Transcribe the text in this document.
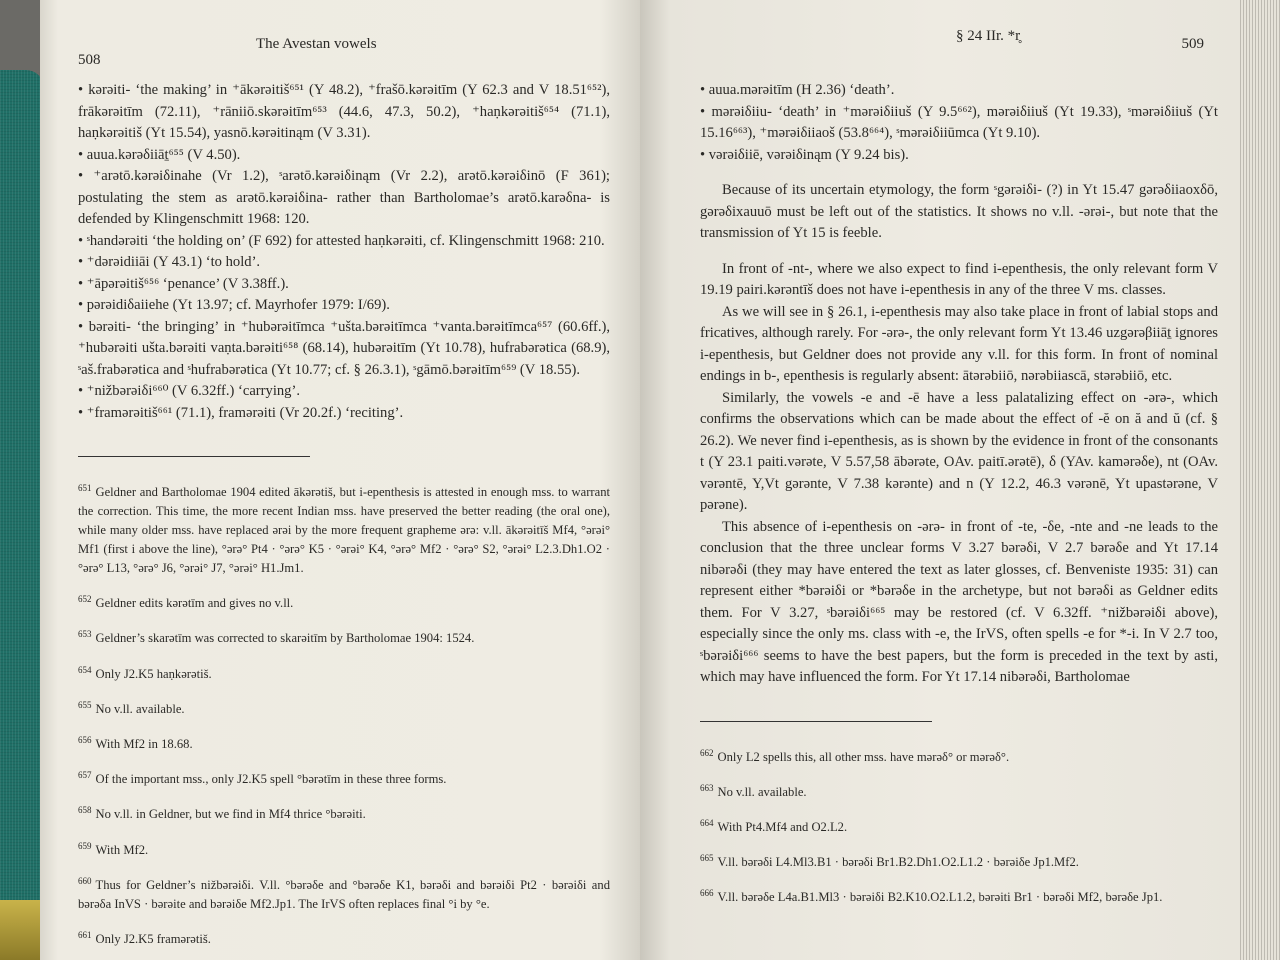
508
The Avestan vowels

• kərəiti- ‘the making’ in ⁺ākərəitiš⁶⁵¹ (Y 48.2), ⁺frašō.kərəitīm (Y 62.3 and V 18.51⁶⁵²), frākərəitīm (72.11), ⁺rāniiō.skərəitīm⁶⁵³ (44.6, 47.3, 50.2), ⁺haṇkərəitiš⁶⁵⁴ (71.1), haṇkərəitiš (Yt 15.54), yasnō.kərəitinąm (V 3.31).

• auua.kərəδiiāṯ⁶⁵⁵ (V 4.50).

• ⁺arətō.kərəiδinahe (Vr 1.2), ˢarətō.kərəiδinąm (Vr 2.2), arətō.kərəiδinō (F 361); postulating the stem as arətō.kərəiδina- rather than Bartholomae’s arətō.karəδna- is defended by Klingenschmitt 1968: 120.

• ˢhandərəiti ‘the holding on’ (F 692) for attested haṇkərəiti, cf. Klingenschmitt 1968: 210.

• ⁺dərəidiiāi (Y 43.1) ‘to hold’.

• ⁺āpərəitiš⁶⁵⁶ ‘penance’ (V 3.38ff.).

• pərəidiδaiiehe (Yt 13.97; cf. Mayrhofer 1979: I/69).

• bərəiti- ‘the bringing’ in ⁺hubərəitīmca ⁺ušta.bərəitīmca ⁺vanta.bərəitīmca⁶⁵⁷ (60.6ff.), ⁺hubərəiti ušta.bərəiti vaṇta.bərəiti⁶⁵⁸ (68.14), hubərəitīm (Yt 10.78), hufrabərətica (68.9), ˢaš.frabərətica and ˢhufrabərətica (Yt 10.77; cf. § 26.3.1), ˢgāmō.bərəitīm⁶⁵⁹ (V 18.55).

• ⁺nižbərəiδi⁶⁶⁰ (V 6.32ff.) ‘carrying’.

• ⁺framərəitiš⁶⁶¹ (71.1), framərəiti (Vr 20.2f.) ‘reciting’.

$^{651}$ Geldner and Bartholomae 1904 edited ākərətiš, but i-epenthesis is attested in enough mss. to warrant the correction. This time, the more recent Indian mss. have preserved the better reading (the oral one), while many older mss. have replaced ərəi by the more frequent grapheme ərə: v.ll. ākərəitīš Mf4, °ərəi° Mf1 (first i above the line), °ərə° Pt4 · °ərə° K5 · °ərəi° K4, °ərə° Mf2 · °ərə° S2, °ərəi° L2.3.Dh1.O2 · °ərə° L13, °ərə° J6, °ərəi° J7, °ərəi° H1.Jm1.

$^{652}$ Geldner edits kərətīm and gives no v.ll.

$^{653}$ Geldner’s skarətīm was corrected to skarəitīm by Bartholomae 1904: 1524.

$^{654}$ Only J2.K5 haṇkərətiš.

$^{655}$ No v.ll. available.

$^{656}$ With Mf2 in 18.68.

$^{657}$ Of the important mss., only J2.K5 spell °bərətīm in these three forms.

$^{658}$ No v.ll. in Geldner, but we find in Mf4 thrice °bərəiti.

$^{659}$ With Mf2.

$^{660}$ Thus for Geldner’s nižbərəiδi. V.ll. °bərəδe and °bərəδe K1, bərəδi and bərəiδi Pt2 · bərəiδi and bərəδa InVS · bərəite and bərəiδe Mf2.Jp1. The IrVS often replaces final °i by °e.

$^{661}$ Only J2.K5 framərətiš.

§ 24 IIr. *r̥	509

• auua.mərəitīm (H 2.36) ‘death’.

• mərəiδiiu- ‘death’ in ⁺mərəiδiiuš (Y 9.5⁶⁶²), mərəiδiiuš (Yt 19.33), ˢmərəiδiiuš (Yt 15.16⁶⁶³), ⁺mərəiδiiaoš (53.8⁶⁶⁴), ˢmərəiδiiūmca (Yt 9.10).

• vərəiδiiē, vərəiδinąm (Y 9.24 bis).

Because of its uncertain etymology, the form ˢgərəiδi- (?) in Yt 15.47 gərəδiiaoxδō, gərəδixauuō must be left out of the statistics. It shows no v.ll. -ərəi-, but note that the transmission of Yt 15 is feeble.

In front of -nt-, where we also expect to find i-epenthesis, the only relevant form V 19.19 pairi.kərəntīš does not have i-epenthesis in any of the three V ms. classes.

As we will see in § 26.1, i-epenthesis may also take place in front of labial stops and fricatives, although rarely. For -ərə-, the only relevant form Yt 13.46 uzgərəβiiāṯ ignores i-epenthesis, but Geldner does not provide any v.ll. for this form. In front of nominal endings in b-, epenthesis is regularly absent: ātərəbiiō, nərəbiiascā, stərəbiiō, etc.

Similarly, the vowels -e and -ē have a less palatalizing effect on -ərə-, which confirms the observations which can be made about the effect of -ĕ on ă and ŭ (cf. § 26.2). We never find i-epenthesis, as is shown by the evidence in front of the consonants t (Y 23.1 paiti.vərəte, V 5.57,58 ābərəte, OAv. paitī.ərətē), δ (YAv. kamərəδe), nt (OAv. vərəntē, Y,Vt gərənte, V 7.38 kərənte) and n (Y 12.2, 46.3 vərənē, Yt upastərəne, V pərəne).

This absence of i-epenthesis on -ərə- in front of -te, -δe, -nte and -ne leads to the conclusion that the three unclear forms V 3.27 bərəδi, V 2.7 bərəδe and Yt 17.14 nibərəδi (they may have entered the text as later glosses, cf. Benveniste 1935: 31) can represent either *bərəiδi or *bərəδe in the archetype, but not bərəδi as Geldner edits them. For V 3.27, ˢbərəiδi⁶⁶⁵ may be restored (cf. V 6.32ff. ⁺nižbərəiδi above), especially since the only ms. class with -e, the IrVS, often spells -e for *-i. In V 2.7 too, ˢbərəiδi⁶⁶⁶ seems to have the best papers, but the form is preceded in the text by asti, which may have influenced the form. For Yt 17.14 nibərəδi, Bartholomae

$^{662}$ Only L2 spells this, all other mss. have mərəδ° or mərəδ°.

$^{663}$ No v.ll. available.

$^{664}$ With Pt4.Mf4 and O2.L2.

$^{665}$ V.ll. bərəδi L4.Ml3.B1 · bərəδi Br1.B2.Dh1.O2.L1.2 · bərəiδe Jp1.Mf2.

$^{666}$ V.ll. bərəδe L4a.B1.Ml3 · bərəiδi B2.K10.O2.L1.2, bərəiti Br1 · bərəδi Mf2, bərəδe Jp1.
